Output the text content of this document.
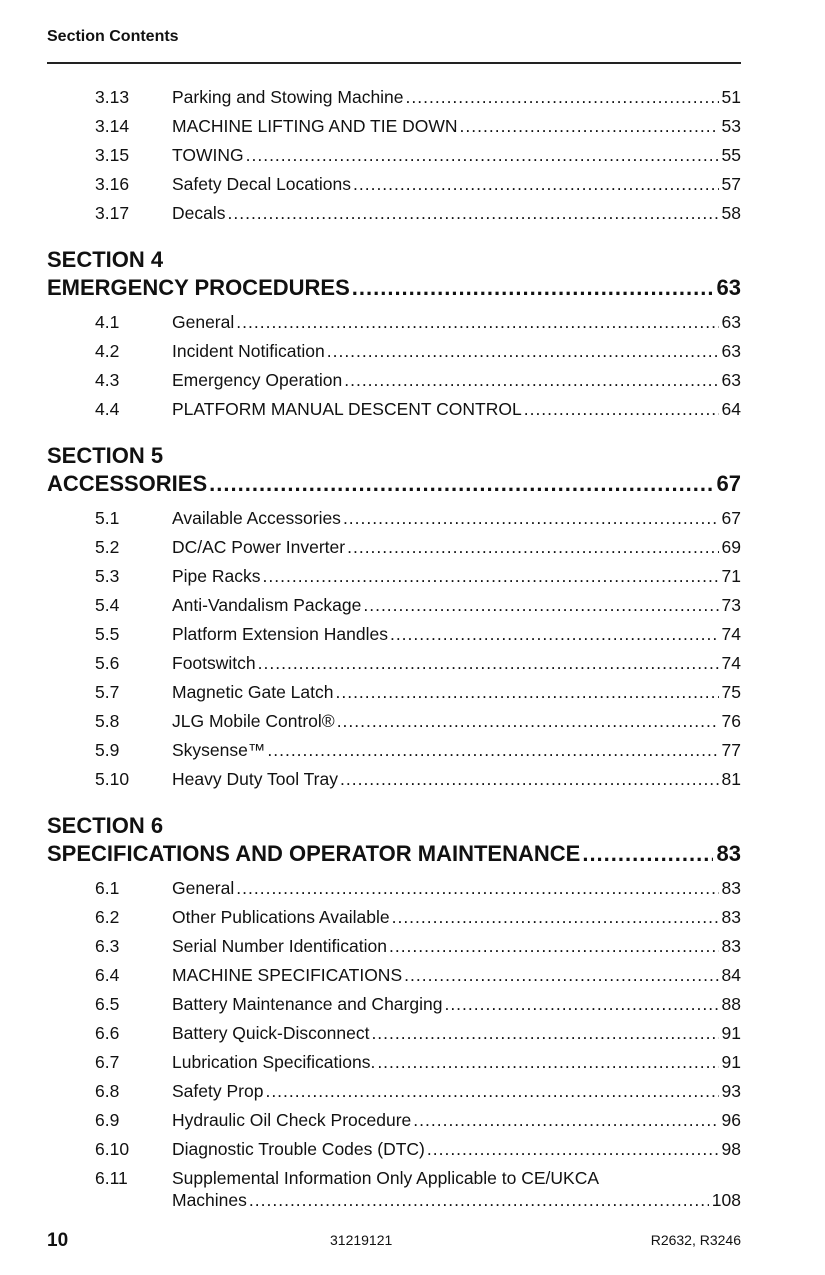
Section Contents
3.13 Parking and Stowing Machine .....	51
3.14 MACHINE LIFTING AND TIE DOWN .....	53
3.15 TOWING .....	55
3.16 Safety Decal Locations .....	57
3.17 Decals .....	58
SECTION 4
EMERGENCY PROCEDURES .....	63
4.1	General .....	63
4.2	Incident Notification .....	63
4.3	Emergency Operation .....	63
4.4	PLATFORM MANUAL DESCENT CONTROL .....	64
SECTION 5
ACCESSORIES .....	67
5.1	Available Accessories .....	67
5.2	DC/AC Power Inverter .....	69
5.3	Pipe Racks .....	71
5.4	Anti-Vandalism Package .....	73
5.5	Platform Extension Handles .....	74
5.6	Footswitch .....	74
5.7	Magnetic Gate Latch .....	75
5.8	JLG Mobile Control® .....	76
5.9	Skysense™ .....	77
5.10 Heavy Duty Tool Tray .....	81
SECTION 6
SPECIFICATIONS AND OPERATOR MAINTENANCE .....	83
6.1	General .....	83
6.2	Other Publications Available .....	83
6.3	Serial Number Identification .....	83
6.4	MACHINE SPECIFICATIONS .....	84
6.5	Battery Maintenance and Charging .....	88
6.6	Battery Quick-Disconnect .....	91
6.7	Lubrication Specifications. .....	91
6.8	Safety Prop .....	93
6.9	Hydraulic Oil Check Procedure .....	96
6.10 Diagnostic Trouble Codes (DTC) .....	98
6.11	Supplemental Information Only Applicable to CE/UKCA
Machines .....	108
10	31219121	R2632, R3246
